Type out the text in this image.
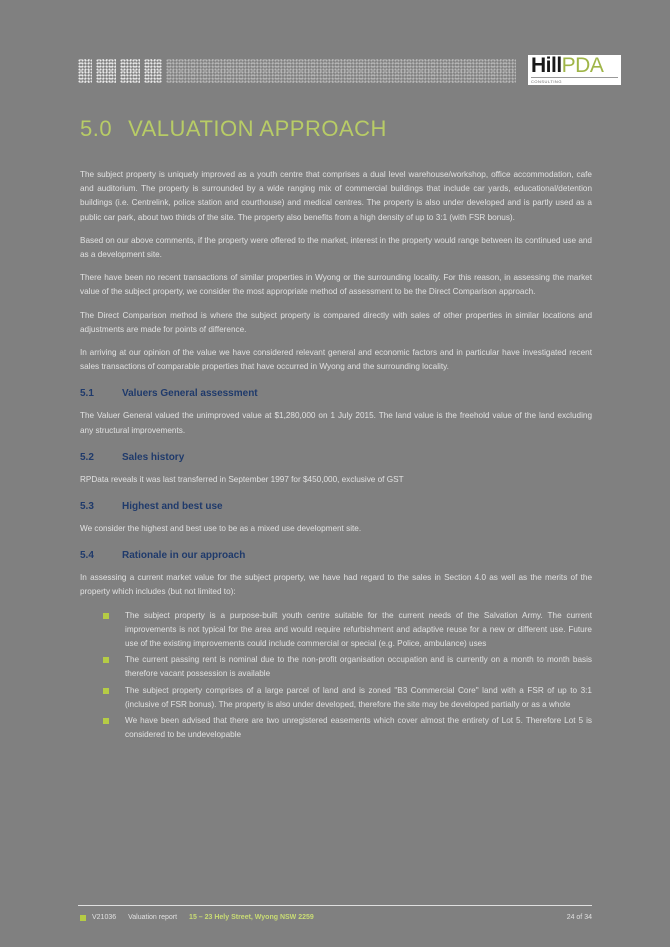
HillPDA
CONSULTING
5.0 VALUATION APPROACH

The subject property is uniquely improved as a youth centre that comprises a dual level warehouse/workshop, office accommodation, cafe and auditorium. The property is surrounded by a wide ranging mix of commercial buildings that include car yards, educational/detention buildings (i.e. Centrelink, police station and courthouse) and medical centres. The property is also under developed and is partly used as a public car park, about two thirds of the site. The property also benefits from a high density of up to 3:1 (with FSR bonus).

Based on our above comments, if the property were offered to the market, interest in the property would range between its continued use and as a development site.

There have been no recent transactions of similar properties in Wyong or the surrounding locality. For this reason, in assessing the market value of the subject property, we consider the most appropriate method of assessment to be the Direct Comparison approach.

The Direct Comparison method is where the subject property is compared directly with sales of other properties in similar locations and adjustments are made for points of difference.

In arriving at our opinion of the value we have considered relevant general and economic factors and in particular have investigated recent sales transactions of comparable properties that have occurred in Wyong and the surrounding locality.

5.1	Valuers General assessment

The Valuer General valued the unimproved value at $1,280,000 on 1 July 2015. The land value is the freehold value of the land excluding any structural improvements.

5.2	Sales history

RPData reveals it was last transferred in September 1997 for $450,000, exclusive of GST

5.3	Highest and best use

We consider the highest and best use to be as a mixed use development site.

5.4	Rationale in our approach

In assessing a current market value for the subject property, we have had regard to the sales in Section 4.0 as well as the merits of the property which includes (but not limited to):

The subject property is a purpose-built youth centre suitable for the current needs of the Salvation Army. The current improvements is not typical for the area and would require refurbishment and adaptive reuse for a new or different use. Future use of the existing improvements could include commercial or special (e.g. Police, ambulance) uses
The current passing rent is nominal due to the non-profit organisation occupation and is currently on a month to month basis therefore vacant possession is available
The subject property comprises of a large parcel of land and is zoned "B3 Commercial Core" land with a FSR of up to 3:1 (inclusive of FSR bonus). The property is also under developed, therefore the site may be developed partially or as a whole
We have been advised that there are two unregistered easements which cover almost the entirety of Lot 5. Therefore Lot 5 is considered to be undevelopable
V21036 Valuation report 15 – 23 Hely Street, Wyong NSW 2259	24 of 34
